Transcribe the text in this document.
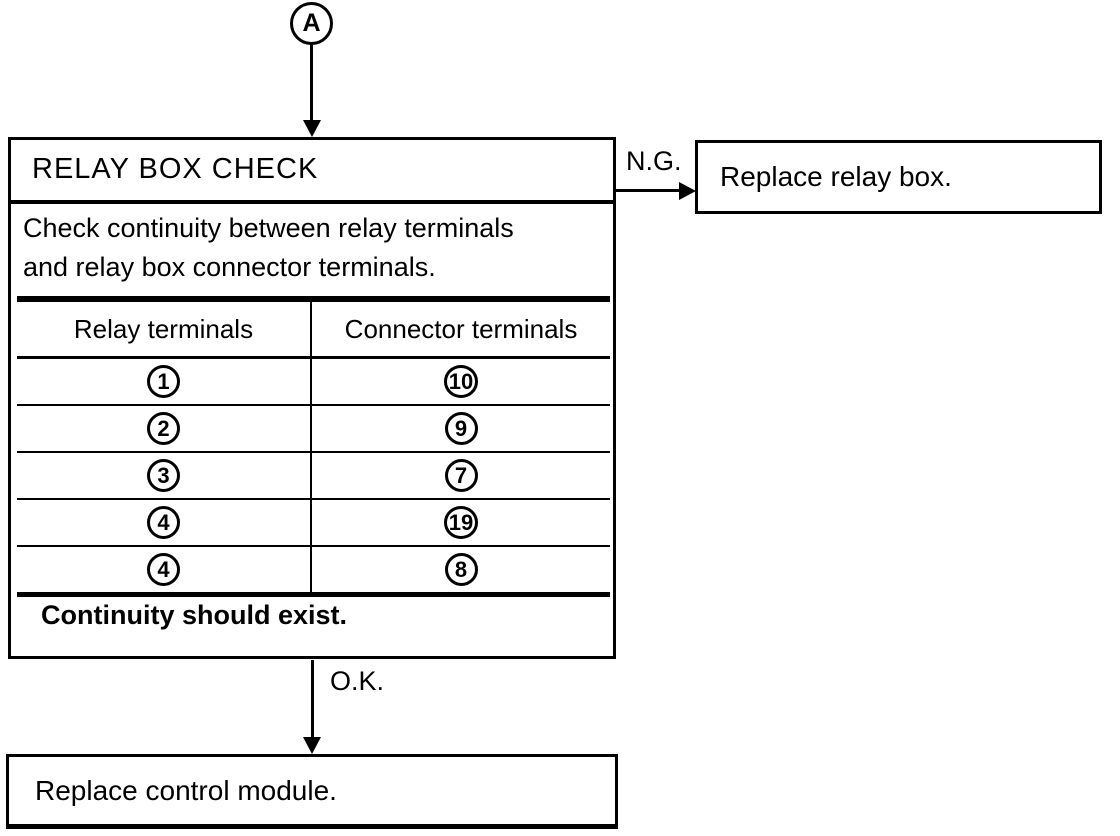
A
RELAY BOX CHECK
Check continuity between relay terminals
and relay box connector terminals.
Relay terminals	Connector terminals
1	10
2	9
3	7
4	19
4	8
Continuity should exist.
N.G. Replace relay box.
O.K.
Replace control module.
